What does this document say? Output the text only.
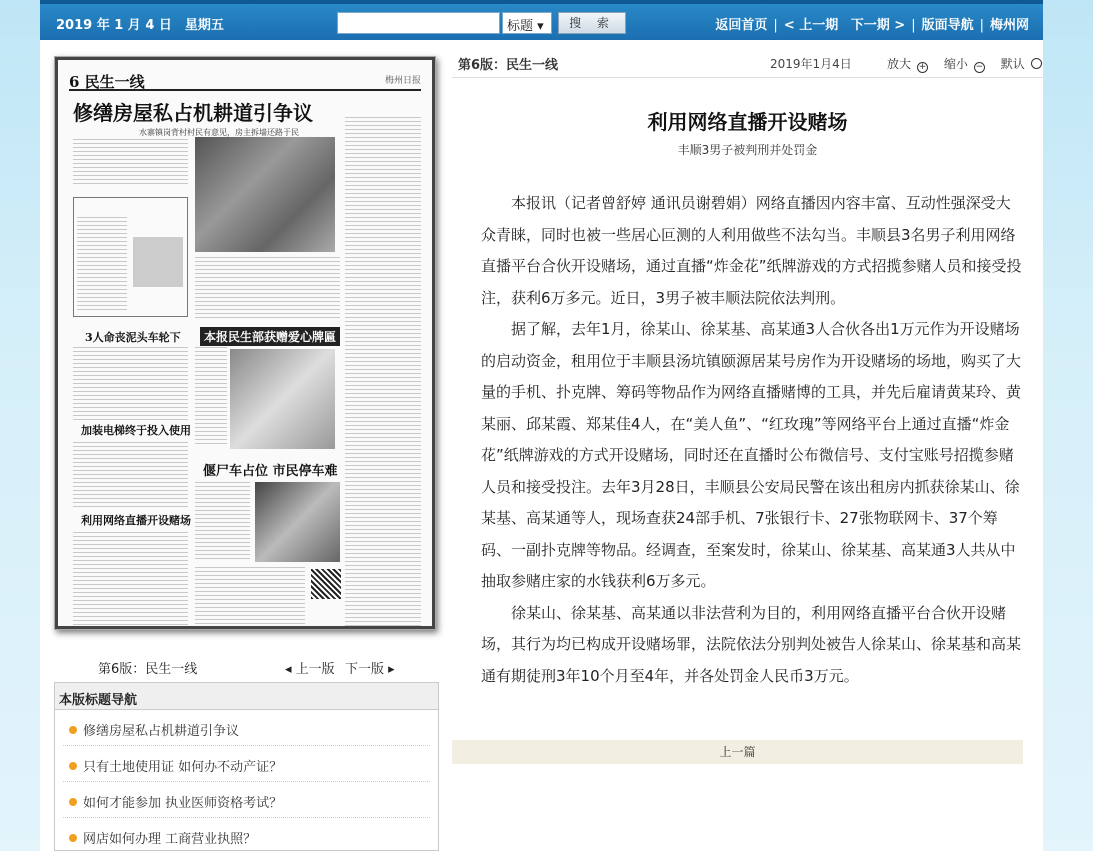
2019 年 1 月 4 日　星期五	标题 ▾	搜 索	返回首页 | < 上一期 下一期 > | 版面导航 | 梅州网
6 民生一线	梅州日报
修缮房屋私占机耕道引争议
水寨镇岗背村村民有意见，房主拆墙还路于民
本报民生部获赠爱心牌匾
3人命丧泥头车轮下
加装电梯终于投入使用
偃尸车占位 市民停车难
利用网络直播开设赌场
第6版：民生一线	◂ 上一版 下一版 ▸
本版标题导航
修缮房屋私占机耕道引争议
只有土地使用证 如何办不动产证？
如何才能参加 执业医师资格考试？
网店如何办理 工商营业执照？
第6版：民生一线	2019年1月4日	放大 + 缩小 − 默认
利用网络直播开设赌场
丰顺3男子被判刑并处罚金

本报讯（记者曾舒婷 通讯员谢碧娟）网络直播因内容丰富、互动性强深受大众青睐，同时也被一些居心叵测的人利用做些不法勾当。丰顺县3名男子利用网络直播平台合伙开设赌场，通过直播“炸金花”纸牌游戏的方式招揽参赌人员和接受投注，获利6万多元。近日，3男子被丰顺法院依法判刑。

据了解，去年1月，徐某山、徐某基、高某通3人合伙各出1万元作为开设赌场的启动资金，租用位于丰顺县汤坑镇颐源居某号房作为开设赌场的场地，购买了大量的手机、扑克牌、筹码等物品作为网络直播赌博的工具，并先后雇请黄某玲、黄某丽、邱某霞、郑某佳4人，在“美人鱼”、“红玫瑰”等网络平台上通过直播“炸金花”纸牌游戏的方式开设赌场，同时还在直播时公布微信号、支付宝账号招揽参赌人员和接受投注。去年3月28日，丰顺县公安局民警在该出租房内抓获徐某山、徐某基、高某通等人，现场查获24部手机、7张银行卡、27张物联网卡、37个筹码、一副扑克牌等物品。经调查，至案发时，徐某山、徐某基、高某通3人共从中抽取参赌庄家的水钱获利6万多元。

徐某山、徐某基、高某通以非法营利为目的，利用网络直播平台合伙开设赌场，其行为均已构成开设赌场罪，法院依法分别判处被告人徐某山、徐某基和高某通有期徒刑3年10个月至4年，并各处罚金人民币3万元。

上一篇
